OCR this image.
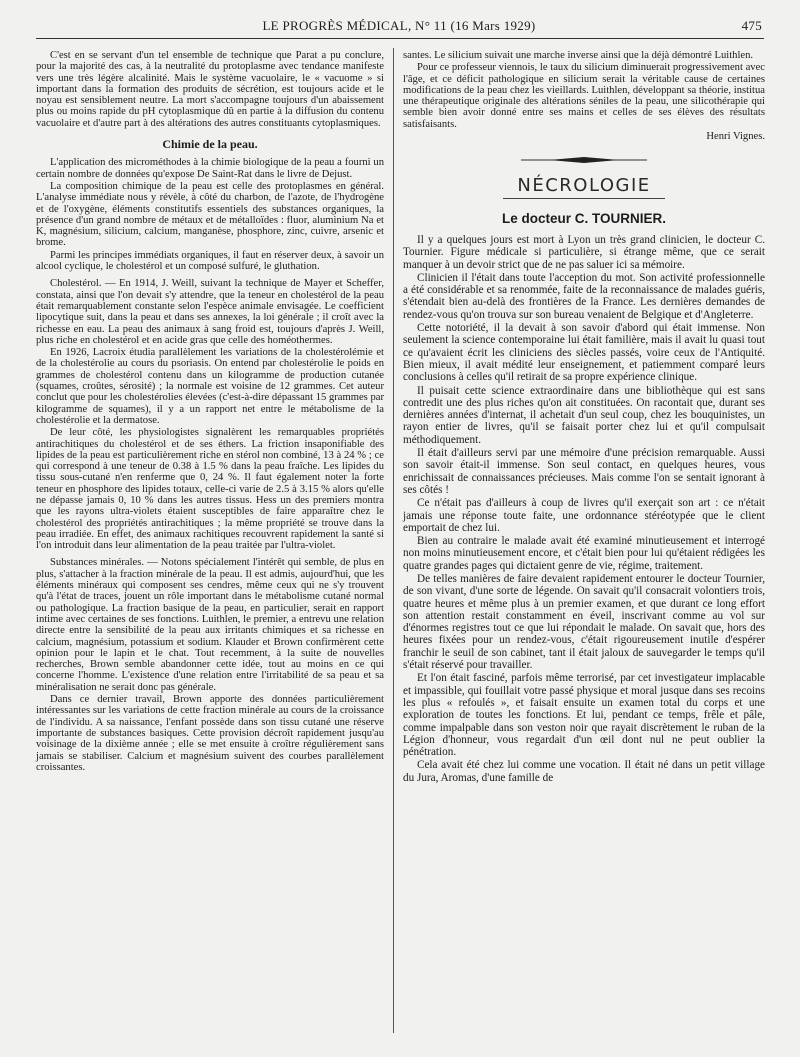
LE PROGRÈS MÉDICAL, N° 11 (16 Mars 1929)	475

C'est en se servant d'un tel ensemble de technique que Parat a pu conclure, pour la majorité des cas, à la neutralité du protoplasme avec tendance manifeste vers une très légère alcalinité. Mais le système vacuolaire, le « vacuome » si important dans la formation des produits de sécrétion, est toujours acide et le noyau est sensiblement neutre. La mort s'accompagne toujours d'un abaissement plus ou moins rapide du pH cytoplasmique dû en partie à la diffusion du contenu vacuolaire et d'autre part à des altérations des autres constituants cytoplasmiques.

Chimie de la peau.

L'application des microméthodes à la chimie biologique de la peau a fourni un certain nombre de données qu'expose De Saint-Rat dans le livre de Dejust.

La composition chimique de la peau est celle des protoplasmes en général. L'analyse immédiate nous y révèle, à côté du charbon, de l'azote, de l'hydrogène et de l'oxygène, éléments constitutifs essentiels des substances organiques, la présence d'un grand nombre de métaux et de métalloïdes : fluor, aluminium Na et K, magnésium, silicium, calcium, manganèse, phosphore, zinc, cuivre, arsenic et brome.

Parmi les principes immédiats organiques, il faut en réserver deux, à savoir un alcool cyclique, le cholestérol et un composé sulfuré, le gluthation.

Cholestérol. — En 1914, J. Weill, suivant la technique de Mayer et Scheffer, constata, ainsi que l'on devait s'y attendre, que la teneur en cholestérol de la peau était remarquablement constante selon l'espèce animale envisagée. Le coefficient lipocytique suit, dans la peau et dans ses annexes, la loi générale ; il croît avec la richesse en eau. La peau des animaux à sang froid est, toujours d'après J. Weill, plus riche en cholestérol et en acide gras que celle des homéothermes.

En 1926, Lacroix étudia parallèlement les variations de la cholestérolémie et de la cholestérolie au cours du psoriasis. On entend par cholestérolie le poids en grammes de cholestérol contenu dans un kilogramme de production cutanée (squames, croûtes, sérosité) ; la normale est voisine de 12 grammes. Cet auteur conclut que pour les cholestérolies élevées (c'est-à-dire dépassant 15 grammes par kilogramme de squames), il y a un rapport net entre le métabolisme de la cholestérolie et la dermatose.

De leur côté, les physiologistes signalèrent les remarquables propriétés antirachitiques du cholestérol et de ses éthers. La friction insaponifiable des lipides de la peau est particulièrement riche en stérol non combiné, 13 à 24 % ; ce qui correspond à une teneur de 0.38 à 1.5 % dans la peau fraîche. Les lipides du tissu sous-cutané n'en renferme que 0, 24 %. Il faut également noter la forte teneur en phosphore des lipides totaux, celle-ci varie de 2.5 à 3.15 % alors qu'elle ne dépasse jamais 0, 10 % dans les autres tissus. Hess un des premiers montra que les rayons ultra-violets étaient susceptibles de faire apparaître chez le cholestérol des propriétés antirachitiques ; la même propriété se trouve dans la peau irradiée. En effet, des animaux rachitiques recouvrent rapidement la santé si l'on introduit dans leur alimentation de la peau traitée par l'ultra-violet.

Substances minérales. — Notons spécialement l'intérêt qui semble, de plus en plus, s'attacher à la fraction minérale de la peau. Il est admis, aujourd'hui, que les éléments minéraux qui composent ses cendres, même ceux qui ne s'y trouvent qu'à l'état de traces, jouent un rôle important dans le métabolisme cutané normal ou pathologique. La fraction basique de la peau, en particulier, serait en rapport intime avec certaines de ses fonctions. Luithlen, le premier, a entrevu une relation directe entre la sensibilité de la peau aux irritants chimiques et sa richesse en calcium, magnésium, potassium et sodium. Klauder et Brown confirmèrent cette opinion pour le lapin et le chat. Tout recemment, à la suite de nouvelles recherches, Brown semble abandonner cette idée, tout au moins en ce qui concerne l'homme. L'existence d'une relation entre l'irritabilité de sa peau et sa minéralisation ne serait donc pas générale.

Dans ce dernier travail, Brown apporte des données particulièrement intéressantes sur les variations de cette fraction minérale au cours de la croissance de l'individu. A sa naissance, l'enfant possède dans son tissu cutané une réserve importante de substances basiques. Cette provision décroît rapidement jusqu'au voisinage de la dixième année ; elle se met ensuite à croître régulièrement sans jamais se stabiliser. Calcium et magnésium suivent des courbes parallèlement croissantes.

santes. Le silicium suivait une marche inverse ainsi que la déjà démontré Luithlen.

Pour ce professeur viennois, le taux du silicium diminuerait progressivement avec l'âge, et ce déficit pathologique en silicium serait la véritable cause de certaines modifications de la peau chez les vieillards. Luithlen, développant sa théorie, institua une thérapeutique originale des altérations séniles de la peau, une silicothérapie qui semble bien avoir donné entre ses mains et celles de ses élèves des résultats satisfaisants.

Henri Vignes.

NÉCROLOGIE
Le docteur C. TOURNIER.

Il y a quelques jours est mort à Lyon un très grand clinicien, le docteur C. Tournier. Figure médicale si particulière, si étrange même, que ce serait manquer à un devoir strict que de ne pas saluer ici sa mémoire.

Clinicien il l'était dans toute l'acception du mot. Son activité professionnelle a été considérable et sa renommée, faite de la reconnaissance de malades guéris, s'étendait bien au-delà des frontières de la France. Les dernières demandes de rendez-vous qu'on trouva sur son bureau venaient de Belgique et d'Angleterre.

Cette notoriété, il la devait à son savoir d'abord qui était immense. Non seulement la science contemporaine lui était familière, mais il avait lu quasi tout ce qu'avaient écrit les cliniciens des siècles passés, voire ceux de l'Antiquité. Bien mieux, il avait médité leur enseignement, et patiemment comparé leurs conclusions à celles qu'il retirait de sa propre expérience clinique.

Il puisait cette science extraordinaire dans une bibliothèque qui est sans contredit une des plus riches qu'on ait constituées. On racontait que, durant ses dernières années d'internat, il achetait d'un seul coup, chez les bouquinistes, un rayon entier de livres, qu'il se faisait porter chez lui et qu'il compulsait méthodiquement.

Il était d'ailleurs servi par une mémoire d'une précision remarquable. Aussi son savoir était-il immense. Son seul contact, en quelques heures, vous enrichissait de connaissances précieuses. Mais comme l'on se sentait ignorant à ses côtés !

Ce n'était pas d'ailleurs à coup de livres qu'il exerçait son art : ce n'était jamais une réponse toute faite, une ordonnance stéréotypée que le client emportait de chez lui.

Bien au contraire le malade avait été examiné minutieusement et interrogé non moins minutieusement encore, et c'était bien pour lui qu'étaient rédigées les quatre grandes pages qui dictaient genre de vie, régime, traitement.

De telles manières de faire devaient rapidement entourer le docteur Tournier, de son vivant, d'une sorte de légende. On savait qu'il consacrait volontiers trois, quatre heures et même plus à un premier examen, et que durant ce long effort son attention restait constamment en éveil, inscrivant comme au vol sur d'énormes registres tout ce que lui répondait le malade. On savait que, hors des heures fixées pour un rendez-vous, c'était rigoureusement inutile d'espérer franchir le seuil de son cabinet, tant il était jaloux de sauvegarder le temps qu'il s'était réservé pour travailler.

Et l'on était fasciné, parfois même terrorisé, par cet investigateur implacable et impassible, qui fouillait votre passé physique et moral jusque dans ses recoins les plus « refoulés », et faisait ensuite un examen total du corps et une exploration de toutes les fonctions. Et lui, pendant ce temps, frêle et pâle, comme impalpable dans son veston noir que rayait discrètement le ruban de la Légion d'honneur, vous regardait d'un œil dont nul ne peut oublier la pénétration.

Cela avait été chez lui comme une vocation. Il était né dans un petit village du Jura, Aromas, d'une famille de
